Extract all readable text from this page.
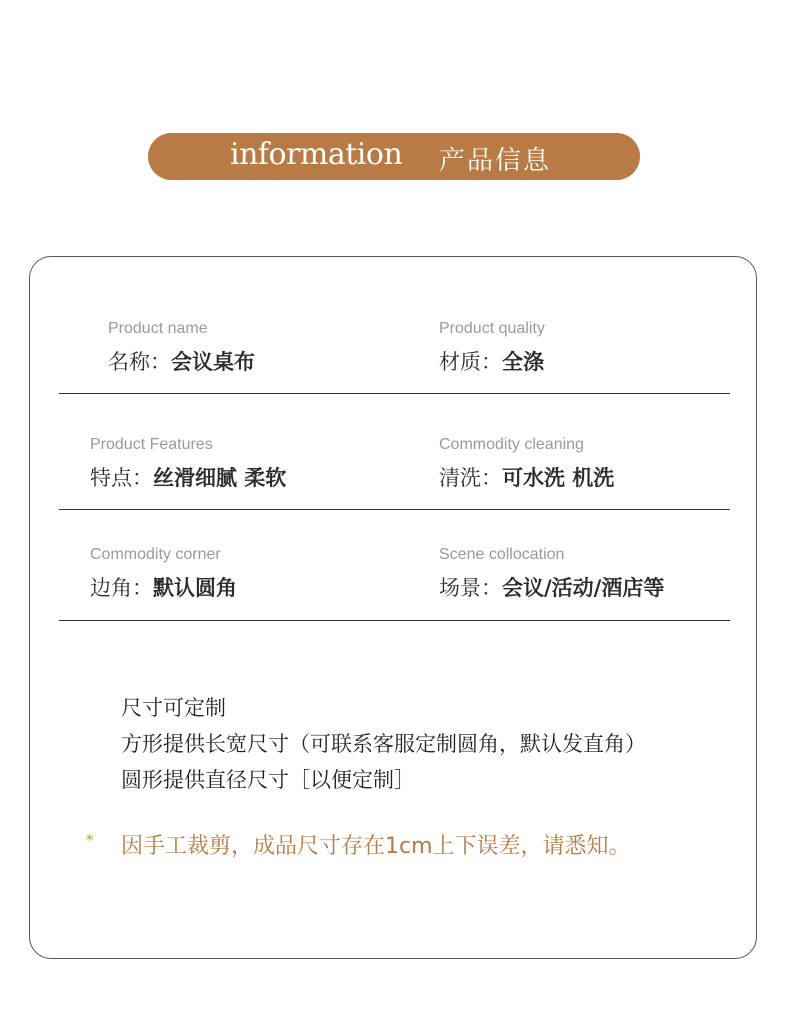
information 产品信息
Product name
名称：会议桌布
Product quality
材质：全涤
Product Features
特点：丝滑细腻 柔软
Commodity cleaning
清洗：可水洗 机洗
Commodity corner
边角：默认圆角
Scene collocation
场景：会议/活动/酒店等
尺寸可定制
方形提供长宽尺寸（可联系客服定制圆角，默认发直角）
圆形提供直径尺寸［以便定制］
* 因手工裁剪，成品尺寸存在1cm上下误差，请悉知。
